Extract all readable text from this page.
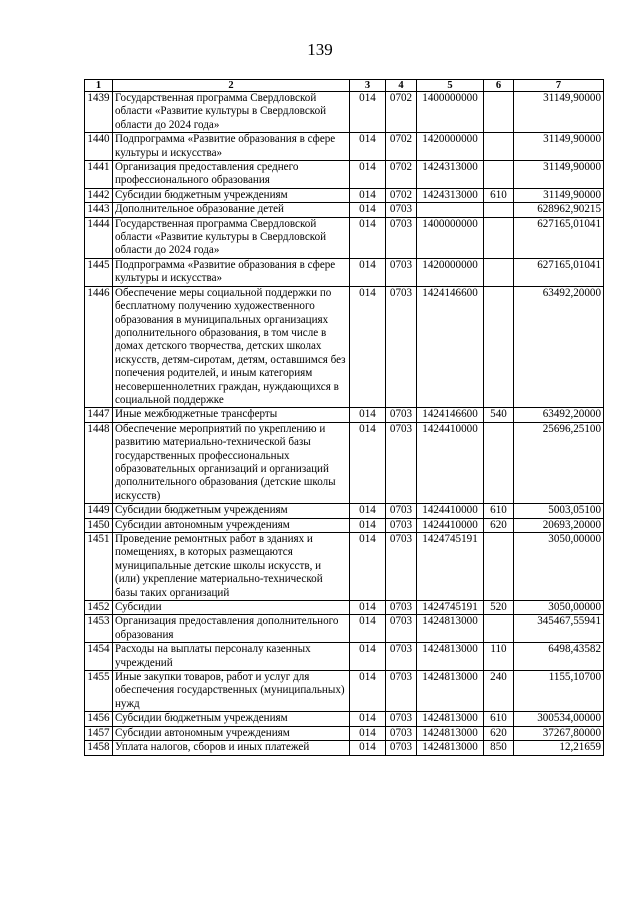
139
1	2	3	4	5	6	7
1439	Государственная программа Свердловской области «Развитие культуры в Свердловской области до 2024 года»	014	0702	1400000000		31149,90000
1440	Подпрограмма «Развитие образования в сфере культуры и искусства»	014	0702	1420000000		31149,90000
1441	Организация предоставления среднего профессионального образования	014	0702	1424313000		31149,90000
1442	Субсидии бюджетным учреждениям	014	0702	1424313000	610	31149,90000
1443	Дополнительное образование детей	014	0703			628962,90215
1444	Государственная программа Свердловской области «Развитие культуры в Свердловской области до 2024 года»	014	0703	1400000000		627165,01041
1445	Подпрограмма «Развитие образования в сфере культуры и искусства»	014	0703	1420000000		627165,01041
1446	Обеспечение меры социальной поддержки по бесплатному получению художественного образования в муниципальных организациях дополнительного образования, в том числе в домах детского творчества, детских школах искусств, детям-сиротам, детям, оставшимся без попечения родителей, и иным категориям несовершеннолетних граждан, нуждающихся в социальной поддержке	014	0703	1424146600		63492,20000
1447	Иные межбюджетные трансферты	014	0703	1424146600	540	63492,20000
1448	Обеспечение мероприятий по укреплению и развитию материально-технической базы государственных профессиональных образовательных организаций и организаций дополнительного образования (детские школы искусств)	014	0703	1424410000		25696,25100
1449	Субсидии бюджетным учреждениям	014	0703	1424410000	610	5003,05100
1450	Субсидии автономным учреждениям	014	0703	1424410000	620	20693,20000
1451	Проведение ремонтных работ в зданиях и помещениях, в которых размещаются муниципальные детские школы искусств, и (или) укрепление материально-технической базы таких организаций	014	0703	1424745191		3050,00000
1452	Субсидии	014	0703	1424745191	520	3050,00000
1453	Организация предоставления дополнительного образования	014	0703	1424813000		345467,55941
1454	Расходы на выплаты персоналу казенных учреждений	014	0703	1424813000	110	6498,43582
1455	Иные закупки товаров, работ и услуг для обеспечения государственных (муниципальных) нужд	014	0703	1424813000	240	1155,10700
1456	Субсидии бюджетным учреждениям	014	0703	1424813000	610	300534,00000
1457	Субсидии автономным учреждениям	014	0703	1424813000	620	37267,80000
1458	Уплата налогов, сборов и иных платежей	014	0703	1424813000	850	12,21659
